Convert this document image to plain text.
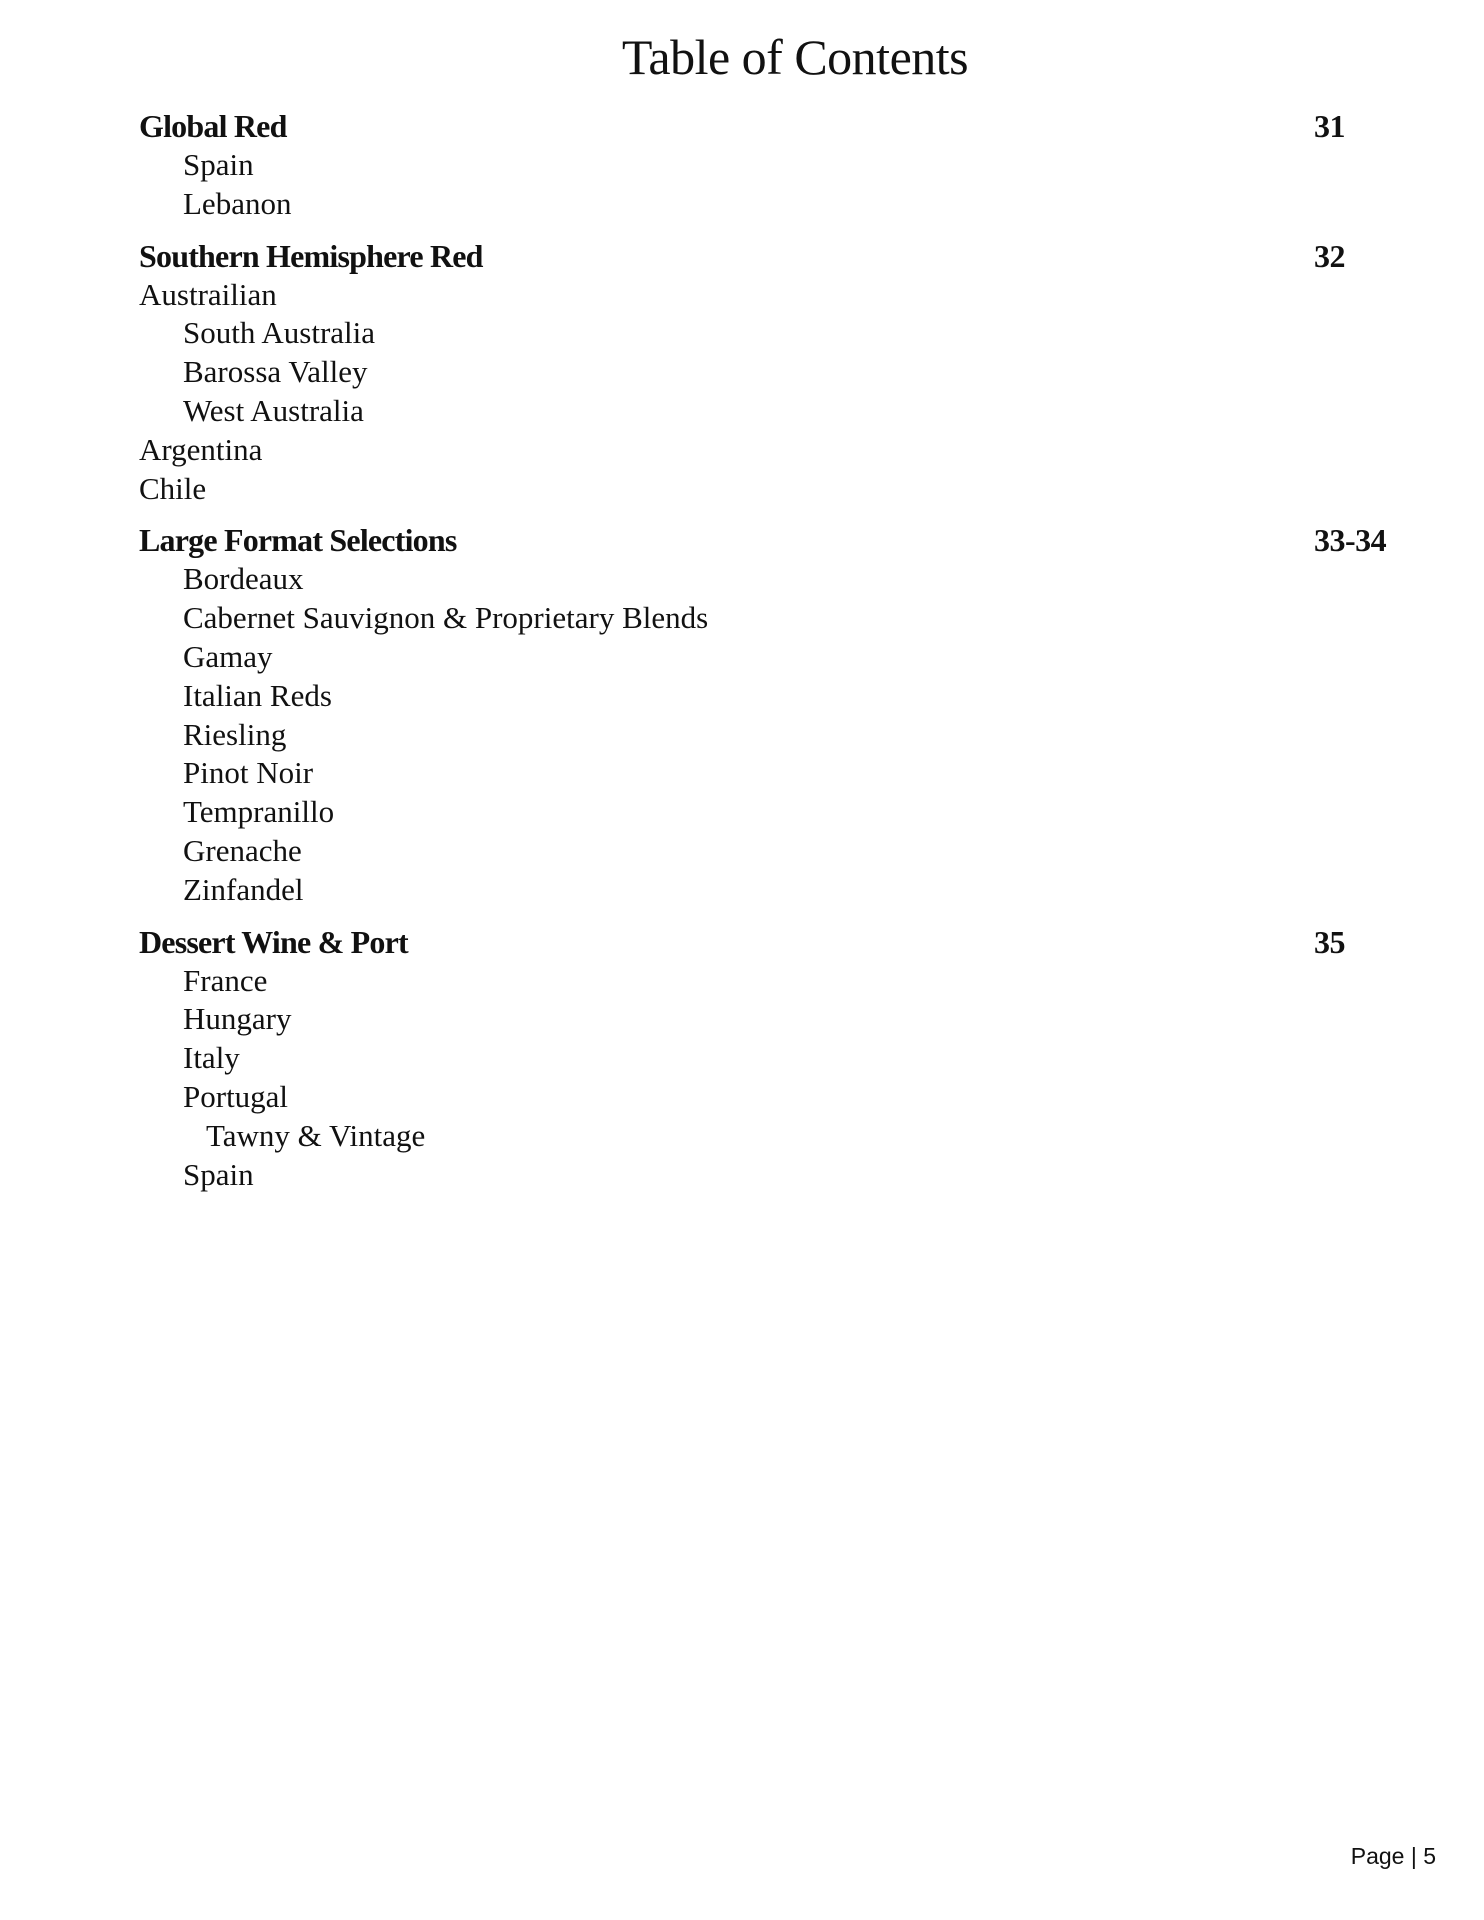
Table of Contents
Global Red	31
Spain
Lebanon
Southern Hemisphere Red	32
Austrailian
South Australia
Barossa Valley
West Australia
Argentina
Chile
Large Format Selections	33-34
Bordeaux
Cabernet Sauvignon & Proprietary Blends
Gamay
Italian Reds
Riesling
Pinot Noir
Tempranillo
Grenache
Zinfandel
Dessert Wine & Port	35
France
Hungary
Italy
Portugal
Tawny & Vintage
Spain
Page | 5
